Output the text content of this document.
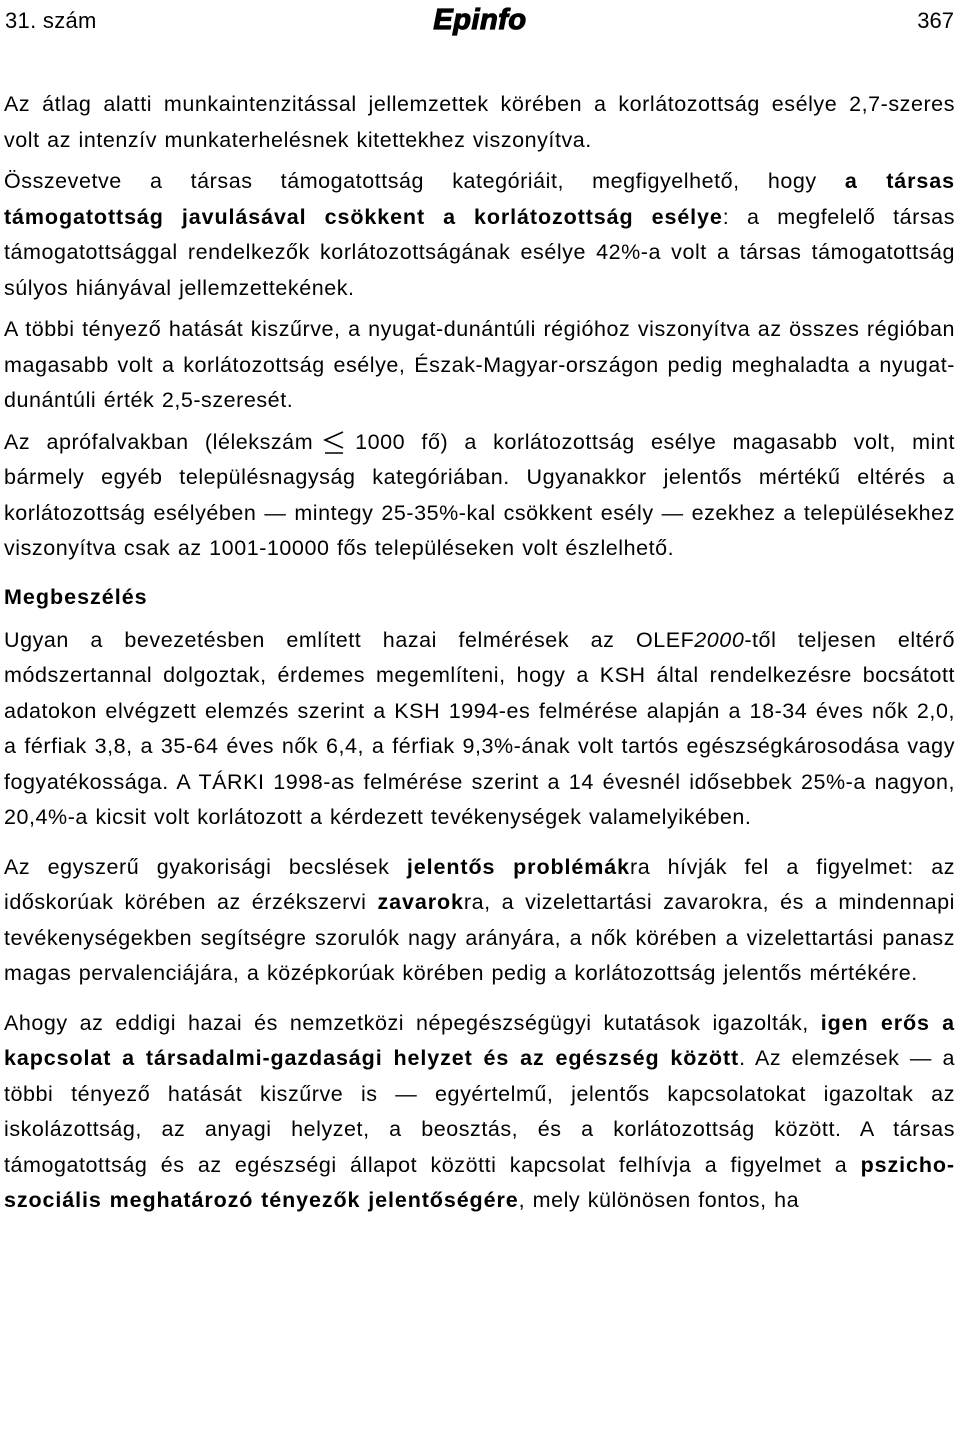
31. szám	Epinfo	367

Az átlag alatti munkaintenzitással jellemzettek körében a korlátozottság esélye 2,7-szeres volt az intenzív munkaterhelésnek kitettekhez viszonyítva.

Összevetve a társas támogatottság kategóriáit, megfigyelhető, hogy a társas támogatottság javulásával csökkent a korlátozottság esélye: a megfelelő társas támogatottsággal rendelkezők korlátozottságának esélye 42%-a volt a társas támogatottság súlyos hiányával jellemzettekének.

A többi tényező hatását kiszűrve, a nyugat-dunántúli régióhoz viszonyítva az összes régióban magasabb volt a korlátozottság esélye, Észak-Magyar-országon pedig meghaladta a nyugat-dunántúli érték 2,5-szeresét.

Az aprófalvakban (lélekszám 1000 fő) a korlátozottság esélye magasabb volt, mint bármely egyéb településnagyság kategóriában. Ugyanakkor jelentős mértékű eltérés a korlátozottság esélyében — mintegy 25-35%-kal csökkent esély — ezekhez a településekhez viszonyítva csak az 1001-10000 fős településeken volt észlelhető.

Megbeszélés

Ugyan a bevezetésben említett hazai felmérések az OLEF2000-től teljesen eltérő módszertannal dolgoztak, érdemes megemlíteni, hogy a KSH által rendelkezésre bocsátott adatokon elvégzett elemzés szerint a KSH 1994-es felmérése alapján a 18-34 éves nők 2,0, a férfiak 3,8, a 35-64 éves nők 6,4, a férfiak 9,3%-ának volt tartós egészségkárosodása vagy fogyatékossága. A TÁRKI 1998-as felmérése szerint a 14 évesnél idősebbek 25%-a nagyon, 20,4%-a kicsit volt korlátozott a kérdezett tevékenységek valamelyikében.

Az egyszerű gyakorisági becslések jelentős problémákra hívják fel a figyelmet: az időskorúak körében az érzékszervi zavarokra, a vizelettartási zavarokra, és a mindennapi tevékenységekben segítségre szorulók nagy arányára, a nők körében a vizelettartási panasz magas pervalenciájára, a középkorúak körében pedig a korlátozottság jelentős mértékére.

Ahogy az eddigi hazai és nemzetközi népegészségügyi kutatások igazolták, igen erős a kapcsolat a társadalmi-gazdasági helyzet és az egészség között. Az elemzések — a többi tényező hatását kiszűrve is — egyértelmű, jelentős kapcsolatokat igazoltak az iskolázottság, az anyagi helyzet, a beosztás, és a korlátozottság között. A társas támogatottság és az egészségi állapot közötti kapcsolat felhívja a figyelmet a pszicho-szociális meghatározó tényezők jelentőségére, mely különösen fontos, ha
